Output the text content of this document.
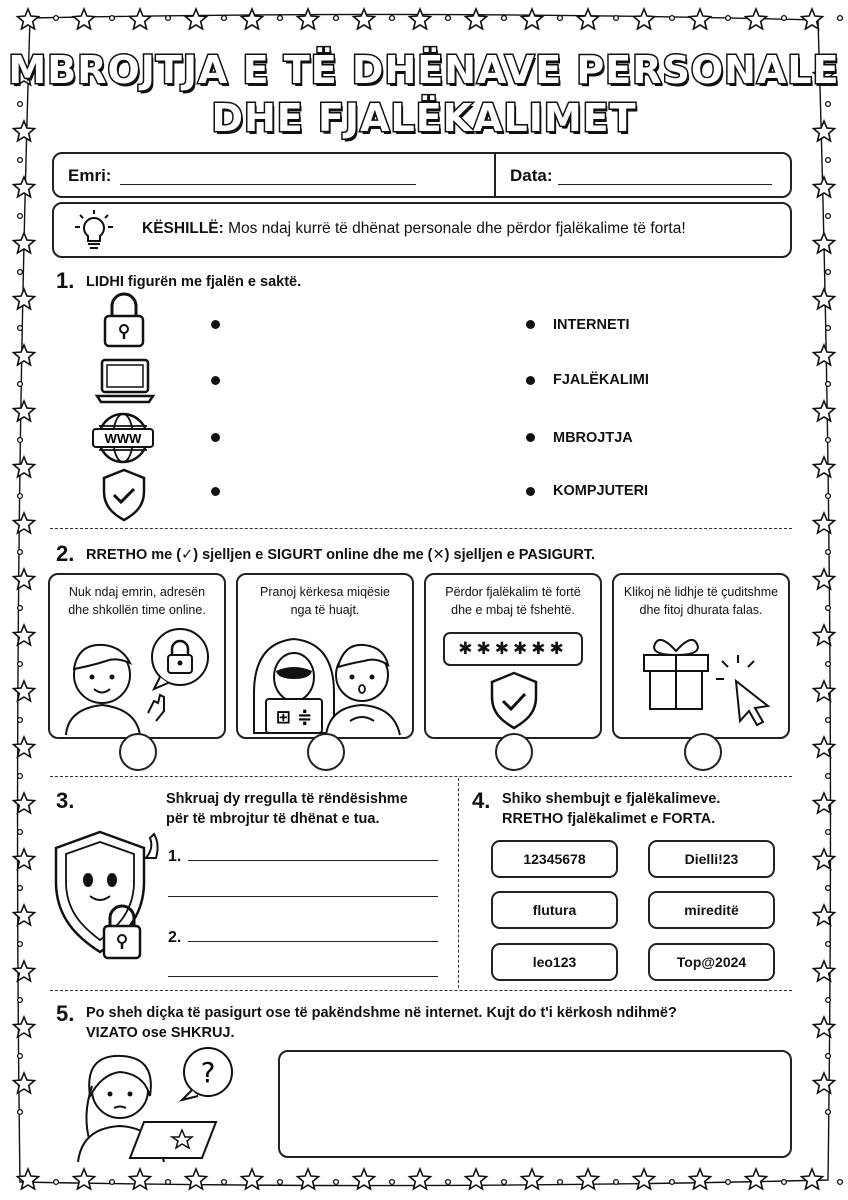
MBROJTJA E TË DHËNAVE PERSONALE
DHE FJALËKALIMET
Emri:	Data:
KËSHILLË: Mos ndaj kurrë të dhënat personale dhe përdor fjalëkalime të forta!
1. LIDHI figurën me fjalën e saktë.
WWW
INTERNETI
FJALËKALIMI
MBROJTJA
KOMPJUTERI
2. RRETHO me (✓) sjelljen e SIGURT online dhe me (✕) sjelljen e PASIGURT.
Nuk ndaj emrin, adresën
dhe shkollën time online.
Pranoj kërkesa miqësie
nga të huajt.
⊞ ≑
Përdor fjalëkalim të fortë
dhe e mbaj të fshehtë.
✱✱✱✱✱✱
Klikoj në lidhje të çuditshme
dhe fitoj dhurata falas.
3.	Shkruaj dy rregulla të rëndësishme
për të mbrojtur të dhënat e tua.
1.
2.
4. Shiko shembujt e fjalëkalimeve.
RRETHO fjalëkalimet e FORTA.
12345678	Dielli!23
flutura	mireditë
leo123	Top@2024
5. Po sheh diçka të pasigurt ose të pakëndshme në internet. Kujt do t'i kërkosh ndihmë?
VIZATO ose SHKRUJ.
?
